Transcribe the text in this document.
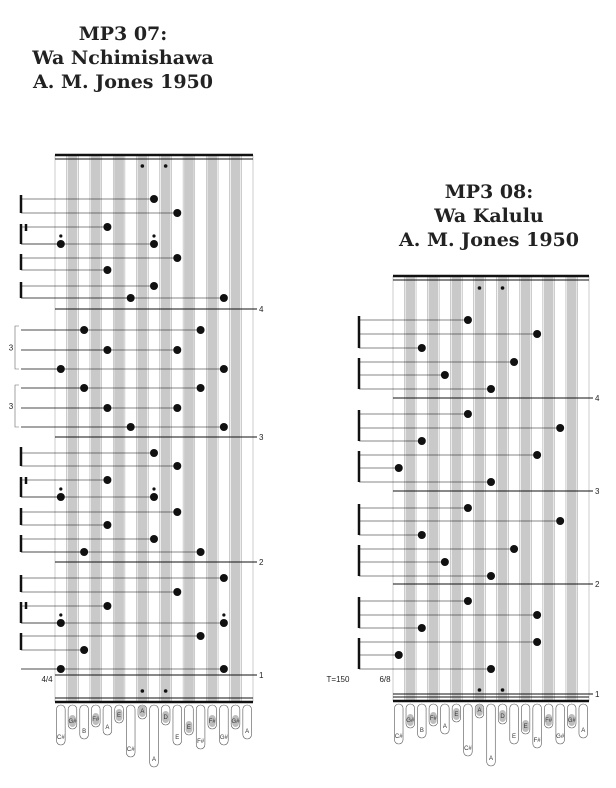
MP3 07:
Wa Nchimishawa
A. M. Jones 1950
MP3 08:
Wa Kalulu
A. M. Jones 1950
4
3
2
1
3
3
4/4
C#
G#
B
F#
A
E
C#
A
A
D
E
E
F#
F#
G#
G#
A
4
3
2
1
6/8
T=150
C#
G#
B
F#
A
E
C#
A
A
D
E
E
F#
F#
G#
G#
A
